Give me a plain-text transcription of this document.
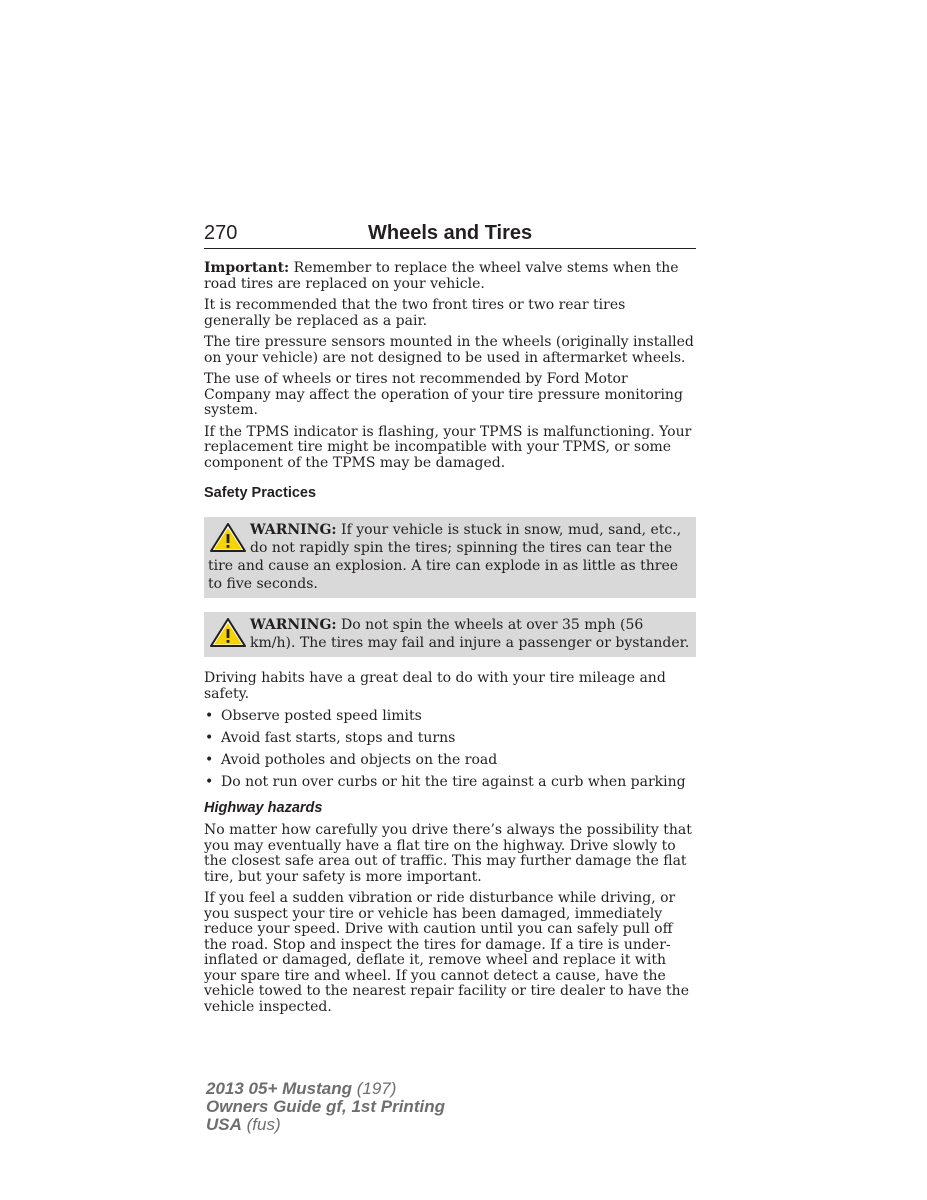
270	Wheels and Tires

Important: Remember to replace the wheel valve stems when the road tires are replaced on your vehicle.

It is recommended that the two front tires or two rear tires generally be replaced as a pair.

The tire pressure sensors mounted in the wheels (originally installed on your vehicle) are not designed to be used in aftermarket wheels.

The use of wheels or tires not recommended by Ford Motor Company may affect the operation of your tire pressure monitoring system.

If the TPMS indicator is flashing, your TPMS is malfunctioning. Your replacement tire might be incompatible with your TPMS, or some component of the TPMS may be damaged.

Safety Practices
WARNING: If your vehicle is stuck in snow, mud, sand, etc., do not rapidly spin the tires; spinning the tires can tear the tire and cause an explosion. A tire can explode in as little as three to five seconds.
WARNING: Do not spin the wheels at over 35 mph (56 km/h). The tires may fail and injure a passenger or bystander.

Driving habits have a great deal to do with your tire mileage and safety.

• Observe posted speed limits
• Avoid fast starts, stops and turns
• Avoid potholes and objects on the road
• Do not run over curbs or hit the tire against a curb when parking
Highway hazards

No matter how carefully you drive there’s always the possibility that you may eventually have a flat tire on the highway. Drive slowly to the closest safe area out of traffic. This may further damage the flat tire, but your safety is more important.

If you feel a sudden vibration or ride disturbance while driving, or you suspect your tire or vehicle has been damaged, immediately reduce your speed. Drive with caution until you can safely pull off the road. Stop and inspect the tires for damage. If a tire is under-inflated or damaged, deflate it, remove wheel and replace it with your spare tire and wheel. If you cannot detect a cause, have the vehicle towed to the nearest repair facility or tire dealer to have the vehicle inspected.

2013 05+ Mustang (197)
Owners Guide gf, 1st Printing
USA (fus)
